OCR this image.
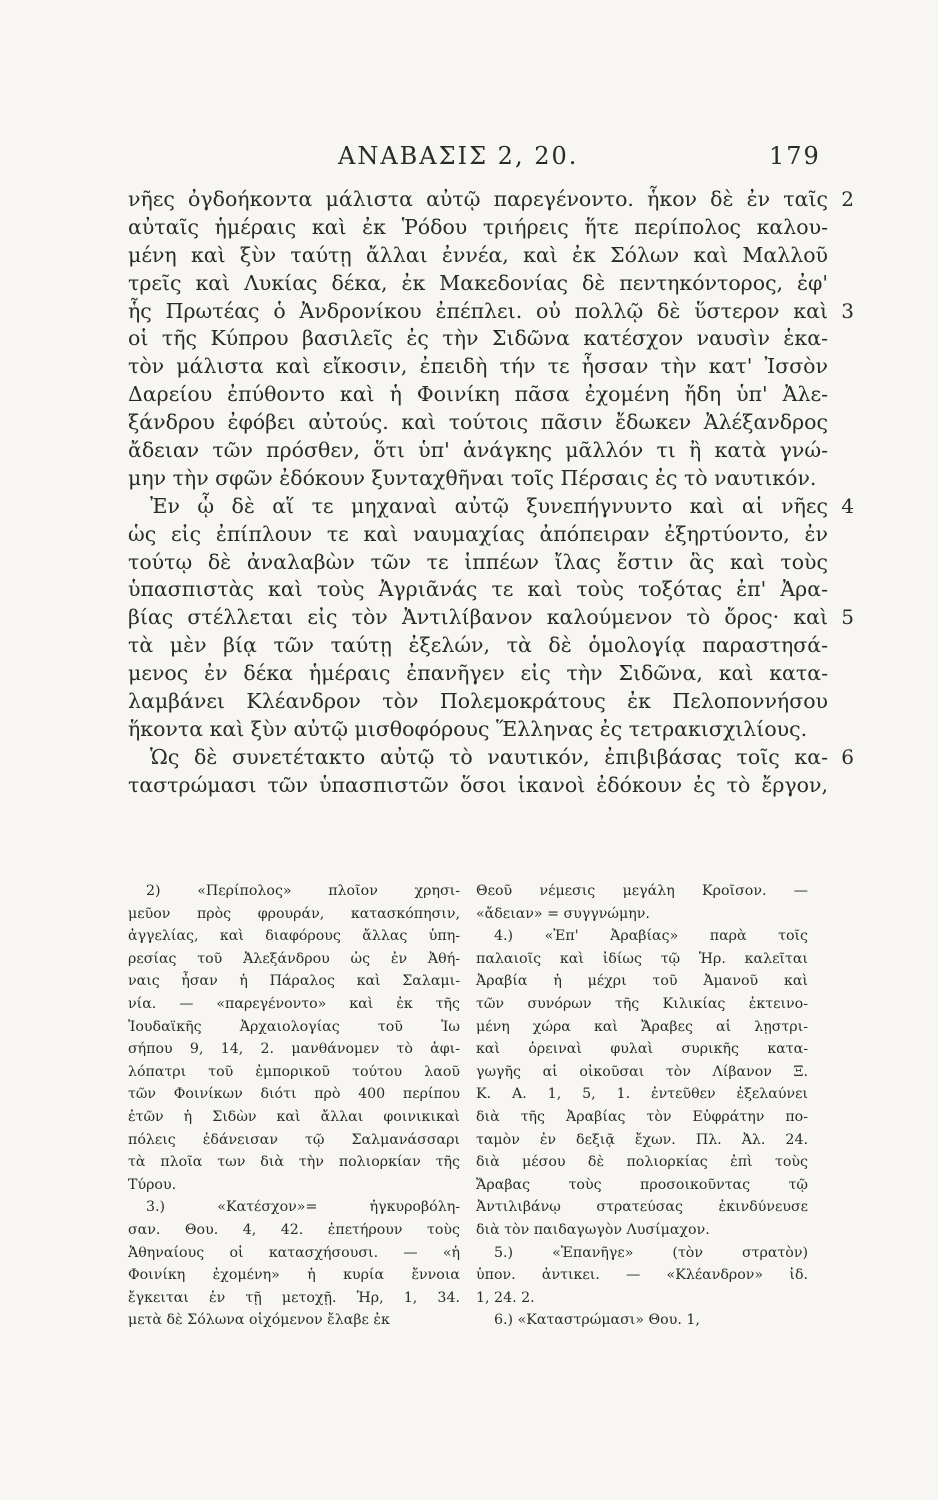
ΑΝΑΒΑΣΙΣ 2, 20.	179
νῆες ὀγδοήκοντα μάλιστα αὐτῷ παρεγένοντο. ἧκον δὲ ἐν ταῖς 2
αὐταῖς ἡμέραις καὶ ἐκ Ῥόδου τριήρεις ἥτε περίπολος καλου-
μένη καὶ ξὺν ταύτῃ ἄλλαι ἐννέα, καὶ ἐκ Σόλων καὶ Μαλλοῦ
τρεῖς καὶ Λυκίας δέκα, ἐκ Μακεδονίας δὲ πεντηκόντορος, ἐφ'
ἧς Πρωτέας ὁ Ἀνδρονίκου ἐπέπλει. οὐ πολλῷ δὲ ὕστερον καὶ 3
οἱ τῆς Κύπρου βασιλεῖς ἐς τὴν Σιδῶνα κατέσχον ναυσὶν ἑκα-
τὸν μάλιστα καὶ εἴκοσιν, ἐπειδὴ τήν τε ἧσσαν τὴν κατ' Ἰσσὸν
Δαρείου ἐπύθοντο καὶ ἡ Φοινίκη πᾶσα ἐχομένη ἤδη ὑπ' Ἀλε-
ξάνδρου ἐφόβει αὐτούς. καὶ τούτοις πᾶσιν ἔδωκεν Ἀλέξανδρος
ἄδειαν τῶν πρόσθεν, ὅτι ὑπ' ἀνάγκης μᾶλλόν τι ἢ κατὰ γνώ-
μην τὴν σφῶν ἐδόκουν ξυνταχθῆναι τοῖς Πέρσαις ἐς τὸ ναυτικόν.
Ἐν ᾧ δὲ αἵ τε μηχαναὶ αὐτῷ ξυνεπήγνυντο καὶ αἱ νῆες 4
ὡς εἰς ἐπίπλουν τε καὶ ναυμαχίας ἀπόπειραν ἐξηρτύοντο, ἐν
τούτῳ δὲ ἀναλαβὼν τῶν τε ἱππέων ἴλας ἔστιν ἃς καὶ τοὺς
ὑπασπιστὰς καὶ τοὺς Ἀγριᾶνάς τε καὶ τοὺς τοξότας ἐπ' Ἀρα-
βίας στέλλεται εἰς τὸν Ἀντιλίβανον καλούμενον τὸ ὄρος· καὶ 5
τὰ μὲν βίᾳ τῶν ταύτῃ ἐξελών, τὰ δὲ ὁμολογίᾳ παραστησά-
μενος ἐν δέκα ἡμέραις ἐπανῆγεν εἰς τὴν Σιδῶνα, καὶ κατα-
λαμβάνει Κλέανδρον τὸν Πολεμοκράτους ἐκ Πελοποννήσου
ἥκοντα καὶ ξὺν αὐτῷ μισθοφόρους Ἕλληνας ἐς τετρακισχιλίους.
Ὡς δὲ συνετέτακτο αὐτῷ τὸ ναυτικόν, ἐπιβιβάσας τοῖς κα- 6
ταστρώμασι τῶν ὑπασπιστῶν ὅσοι ἱκανοὶ ἐδόκουν ἐς τὸ ἔργον,
2) «Περίπολος» πλοῖον χρησι-
μεῦον πρὸς φρουράν, κατασκόπησιν,
ἀγγελίας, καὶ διαφόρους ἄλλας ὑπη-
ρεσίας τοῦ Ἀλεξάνδρου ὡς ἐν Ἀθή-
ναις ἦσαν ἡ Πάραλος καὶ Σαλαμι-
νία. — «παρεγένοντο» καὶ ἐκ τῆς
Ἰουδαϊκῆς Ἀρχαιολογίας τοῦ Ἰω
σήπου 9, 14, 2. μανθάνομεν τὸ ἀφι-
λόπατρι τοῦ ἐμπορικοῦ τούτου λαοῦ
τῶν Φοινίκων διότι πρὸ 400 περίπου
ἐτῶν ἡ Σιδὼν καὶ ἄλλαι φοινικικαὶ
πόλεις ἐδάνεισαν τῷ Σαλμανάσσαρι
τὰ πλοῖα των διὰ τὴν πολιορκίαν τῆς
Τύρου.
3.) «Κατέσχον»= ἠγκυροβόλη-
σαν. Θου. 4, 42. ἐπετήρουν τοὺς
Ἀθηναίους οἱ κατασχήσουσι. — «ἡ
Φοινίκη ἐχομένη» ἡ κυρία ἔννοια
ἔγκειται ἐν τῇ μετοχῇ. Ἡρ, 1, 34.
μετὰ δὲ Σόλωνα οἰχόμενον ἔλαβε ἐκ
Θεοῦ νέμεσις μεγάλη Κροῖσον. —
«ἄδειαν» = συγγνώμην.
4.) «Ἐπ' Ἀραβίας» παρὰ τοῖς
παλαιοῖς καὶ ἰδίως τῷ Ἡρ. καλεῖται
Ἀραβία ἡ μέχρι τοῦ Ἀμανοῦ καὶ
τῶν συνόρων τῆς Κιλικίας ἐκτεινο-
μένη χώρα καὶ Ἄραβες αἱ λῃστρι-
καὶ ὀρειναὶ φυλαὶ συρικῆς κατα-
γωγῆς αἱ οἰκοῦσαι τὸν Λίβανον Ξ.
Κ. Α. 1, 5, 1. ἐντεῦθεν ἐξελαύνει
διὰ τῆς Ἀραβίας τὸν Εὐφράτην πο-
ταμὸν ἐν δεξιᾷ ἔχων. Πλ. Ἀλ. 24.
διὰ μέσου δὲ πολιορκίας ἐπὶ τοὺς
Ἄραβας τοὺς προσοικοῦντας τῷ
Ἀντιλιβάνῳ στρατεύσας ἐκινδύνευσε
διὰ τὸν παιδαγωγὸν Λυσίμαχον.
5.) «Ἐπανῆγε» (τὸν στρατὸν)
ὑπον. ἀντικει. — «Κλέανδρον» ἰδ.
1, 24. 2.
6.) «Καταστρώμασι» Θου. 1,
